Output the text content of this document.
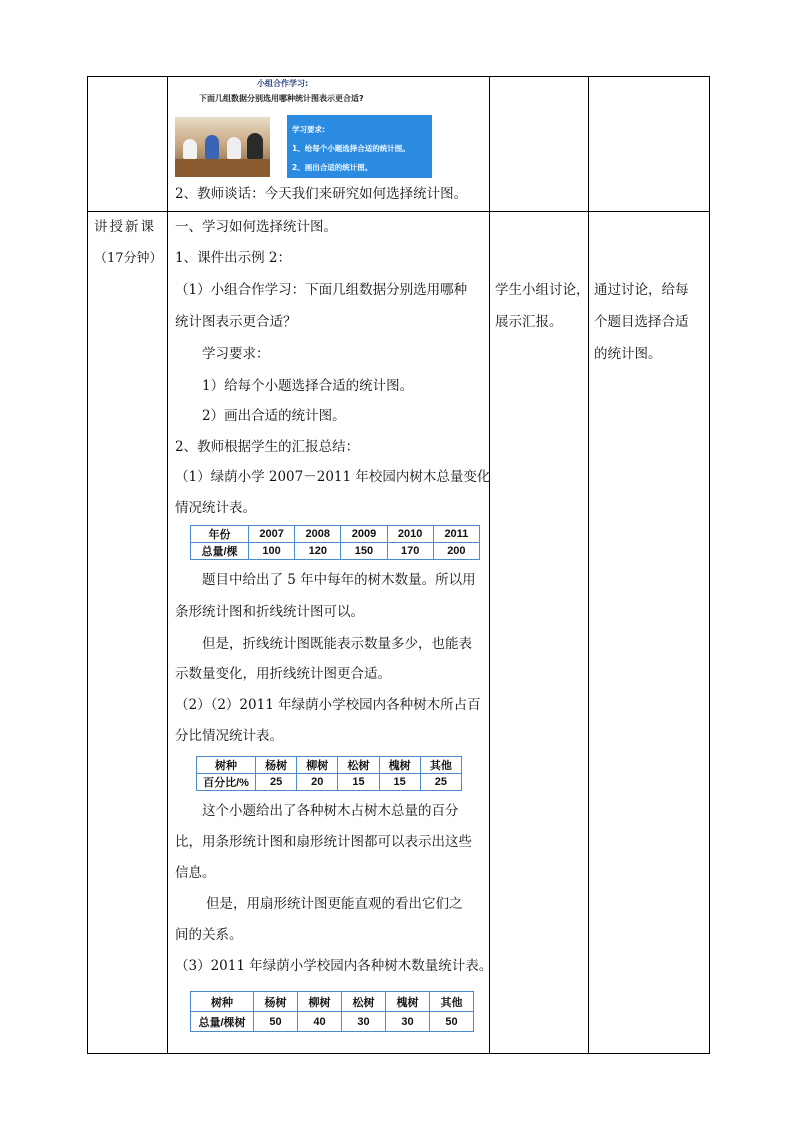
小组合作学习:
下面几组数据分别选用哪种统计图表示更合适?
学习要求:
1、给每个小题选择合适的统计图。
2、画出合适的统计图。
2、教师谈话：今天我们来研究如何选择统计图。
讲授新课
（17分钟）
一、学习如何选择统计图。
1、课件出示例 2：
（1）小组合作学习：下面几组数据分别选用哪种
统计图表示更合适？
学习要求：
1）给每个小题选择合适的统计图。
2）画出合适的统计图。
2、教师根据学生的汇报总结：
（1）绿荫小学 2007－2011 年校园内树木总量变化
情况统计表。
年份	2007	2008	2009	2010	2011
总量/棵	100	120	150	170	200
题目中给出了 5 年中每年的树木数量。所以用
条形统计图和折线统计图可以。
但是，折线统计图既能表示数量多少，也能表
示数量变化，用折线统计图更合适。
（2）（2）2011 年绿荫小学校园内各种树木所占百
分比情况统计表。
树种	杨树	柳树	松树	槐树	其他
百分比/%	25	20	15	15	25
这个小题给出了各种树木占树木总量的百分
比，用条形统计图和扇形统计图都可以表示出这些
信息。
但是，用扇形统计图更能直观的看出它们之
间的关系。
（3）2011 年绿荫小学校园内各种树木数量统计表。
树种	杨树	柳树	松树	槐树	其他
总量/棵树	50	40	30	30	50
学生小组讨论，
展示汇报。
通过讨论，给每
个题目选择合适
的统计图。
